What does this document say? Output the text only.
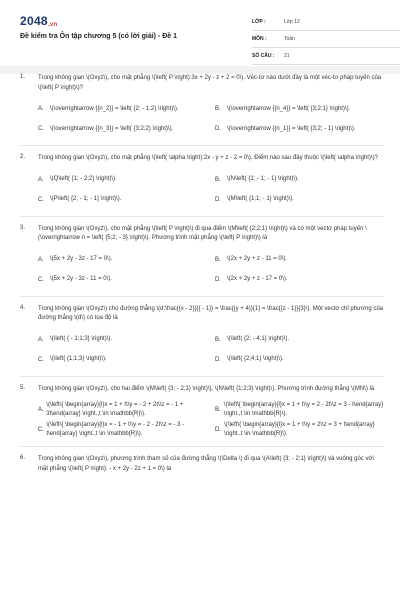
2048.vn
Đề kiểm tra Ôn tập chương 5 (có lời giải) - Đề 1
LỚP :	Lớp 12
MÔN :	Toán
SỐ CÂU :	21
1. Trong không gian \(Oxyz\), cho mặt phẳng \(\left( P \right):3x + 2y - z + 2 = 0\). Véc-tơ nào dưới đây là một véc-tơ pháp tuyến của \(\left( P \right)\)?
A.	\(\overrightarrow {{n_2}} = \left( {2; - 1;2} \right)\).	B.	\(\overrightarrow {{n_4}} = \left( {3;2;1} \right)\).
C.	\(\overrightarrow {{n_3}} = \left( {3;2;2} \right)\).	D.	\(\overrightarrow {{n_1}} = \left( {3;2; - 1} \right)\).
2. Trong không gian \(Oxyz\), cho mặt phẳng \(\left( \alpha \right):2x - y + z - 2 = 0\). Điểm nào sau đây thuộc \(\left( \alpha \right)\)?
A.	\(Q\left( {1; - 2;2} \right)\).	B.	\(N\left( {1; - 1; - 1} \right)\).
C.	\(P\left( {2; - 1; - 1} \right)\).	D.	\(M\left( {1;1; - 1} \right)\).
3. Trong không gian \(Oxyz\), cho mặt phẳng \(\left( P \right)\) đi qua điểm \(M\left( {2;2;1} \right)\) và có một vectơ pháp tuyến \(\overrightarrow n = \left( {5;2; - 3} \right)\). Phương trình mặt phẳng \(\left( P \right)\) là
A.	\(5x + 2y - 3z - 17 = 0\).	B.	\(2x + 2y + z - 11 = 0\).
C.	\(5x + 2y - 3z - 11 = 0\).	D.	\(2x + 2y + z - 17 = 0\).
4. Trong không gian \(Oxyz\) cho đường thẳng \(d:\frac{{x - 2}}{{ - 1}} = \frac{{y + 4}}{1} = \frac{{z - 1}}{3}\). Một vectơ chỉ phương của đường thẳng \(d\) có tọa độ là
A.	\(\left( { - 1;1;3} \right)\).	B.	\(\left( {2; - 4;1} \right)\).
C.	\(\left( {1;1;3} \right)\).	D.	\(\left( {2;4;1} \right)\).
5. Trong không gian \(Oxyz\), cho hai điểm \(M\left( {3; - 2;1} \right)\), \(N\left( {1;2;3} \right)\). Phương trình đường thẳng \(MN\) là
A.
\(\left\{ \begin{array}{l}x = 1 + t\\y = - 2 + 2t\\z = - 1 + 3t\end{array} \right.,t \in \mathbb{R}\).
B.
\(\left\{ \begin{array}{l}x = 1 + t\\y = 2 - 2t\\z = 3 - t\end{array} \right.,t \in \mathbb{R}\).
C.
\(\left\{ \begin{array}{l}x = - 1 + t\\y = - 2 - 2t\\z = - 3 - t\end{array} \right.,t \in \mathbb{R}\).
D.
\(\left\{ \begin{array}{l}x = 1 + t\\y = 2\\z = 3 + t\end{array} \right.,t \in \mathbb{R}\).
6. Trong không gian \(Oxyz\), phương trình tham số của đường thẳng \(\Delta \) đi qua \(A\left( {3; - 2;1} \right)\) và vuông góc với mặt phẳng \(\left( P \right): - x + 2y - 2z + 1 = 0\) là
